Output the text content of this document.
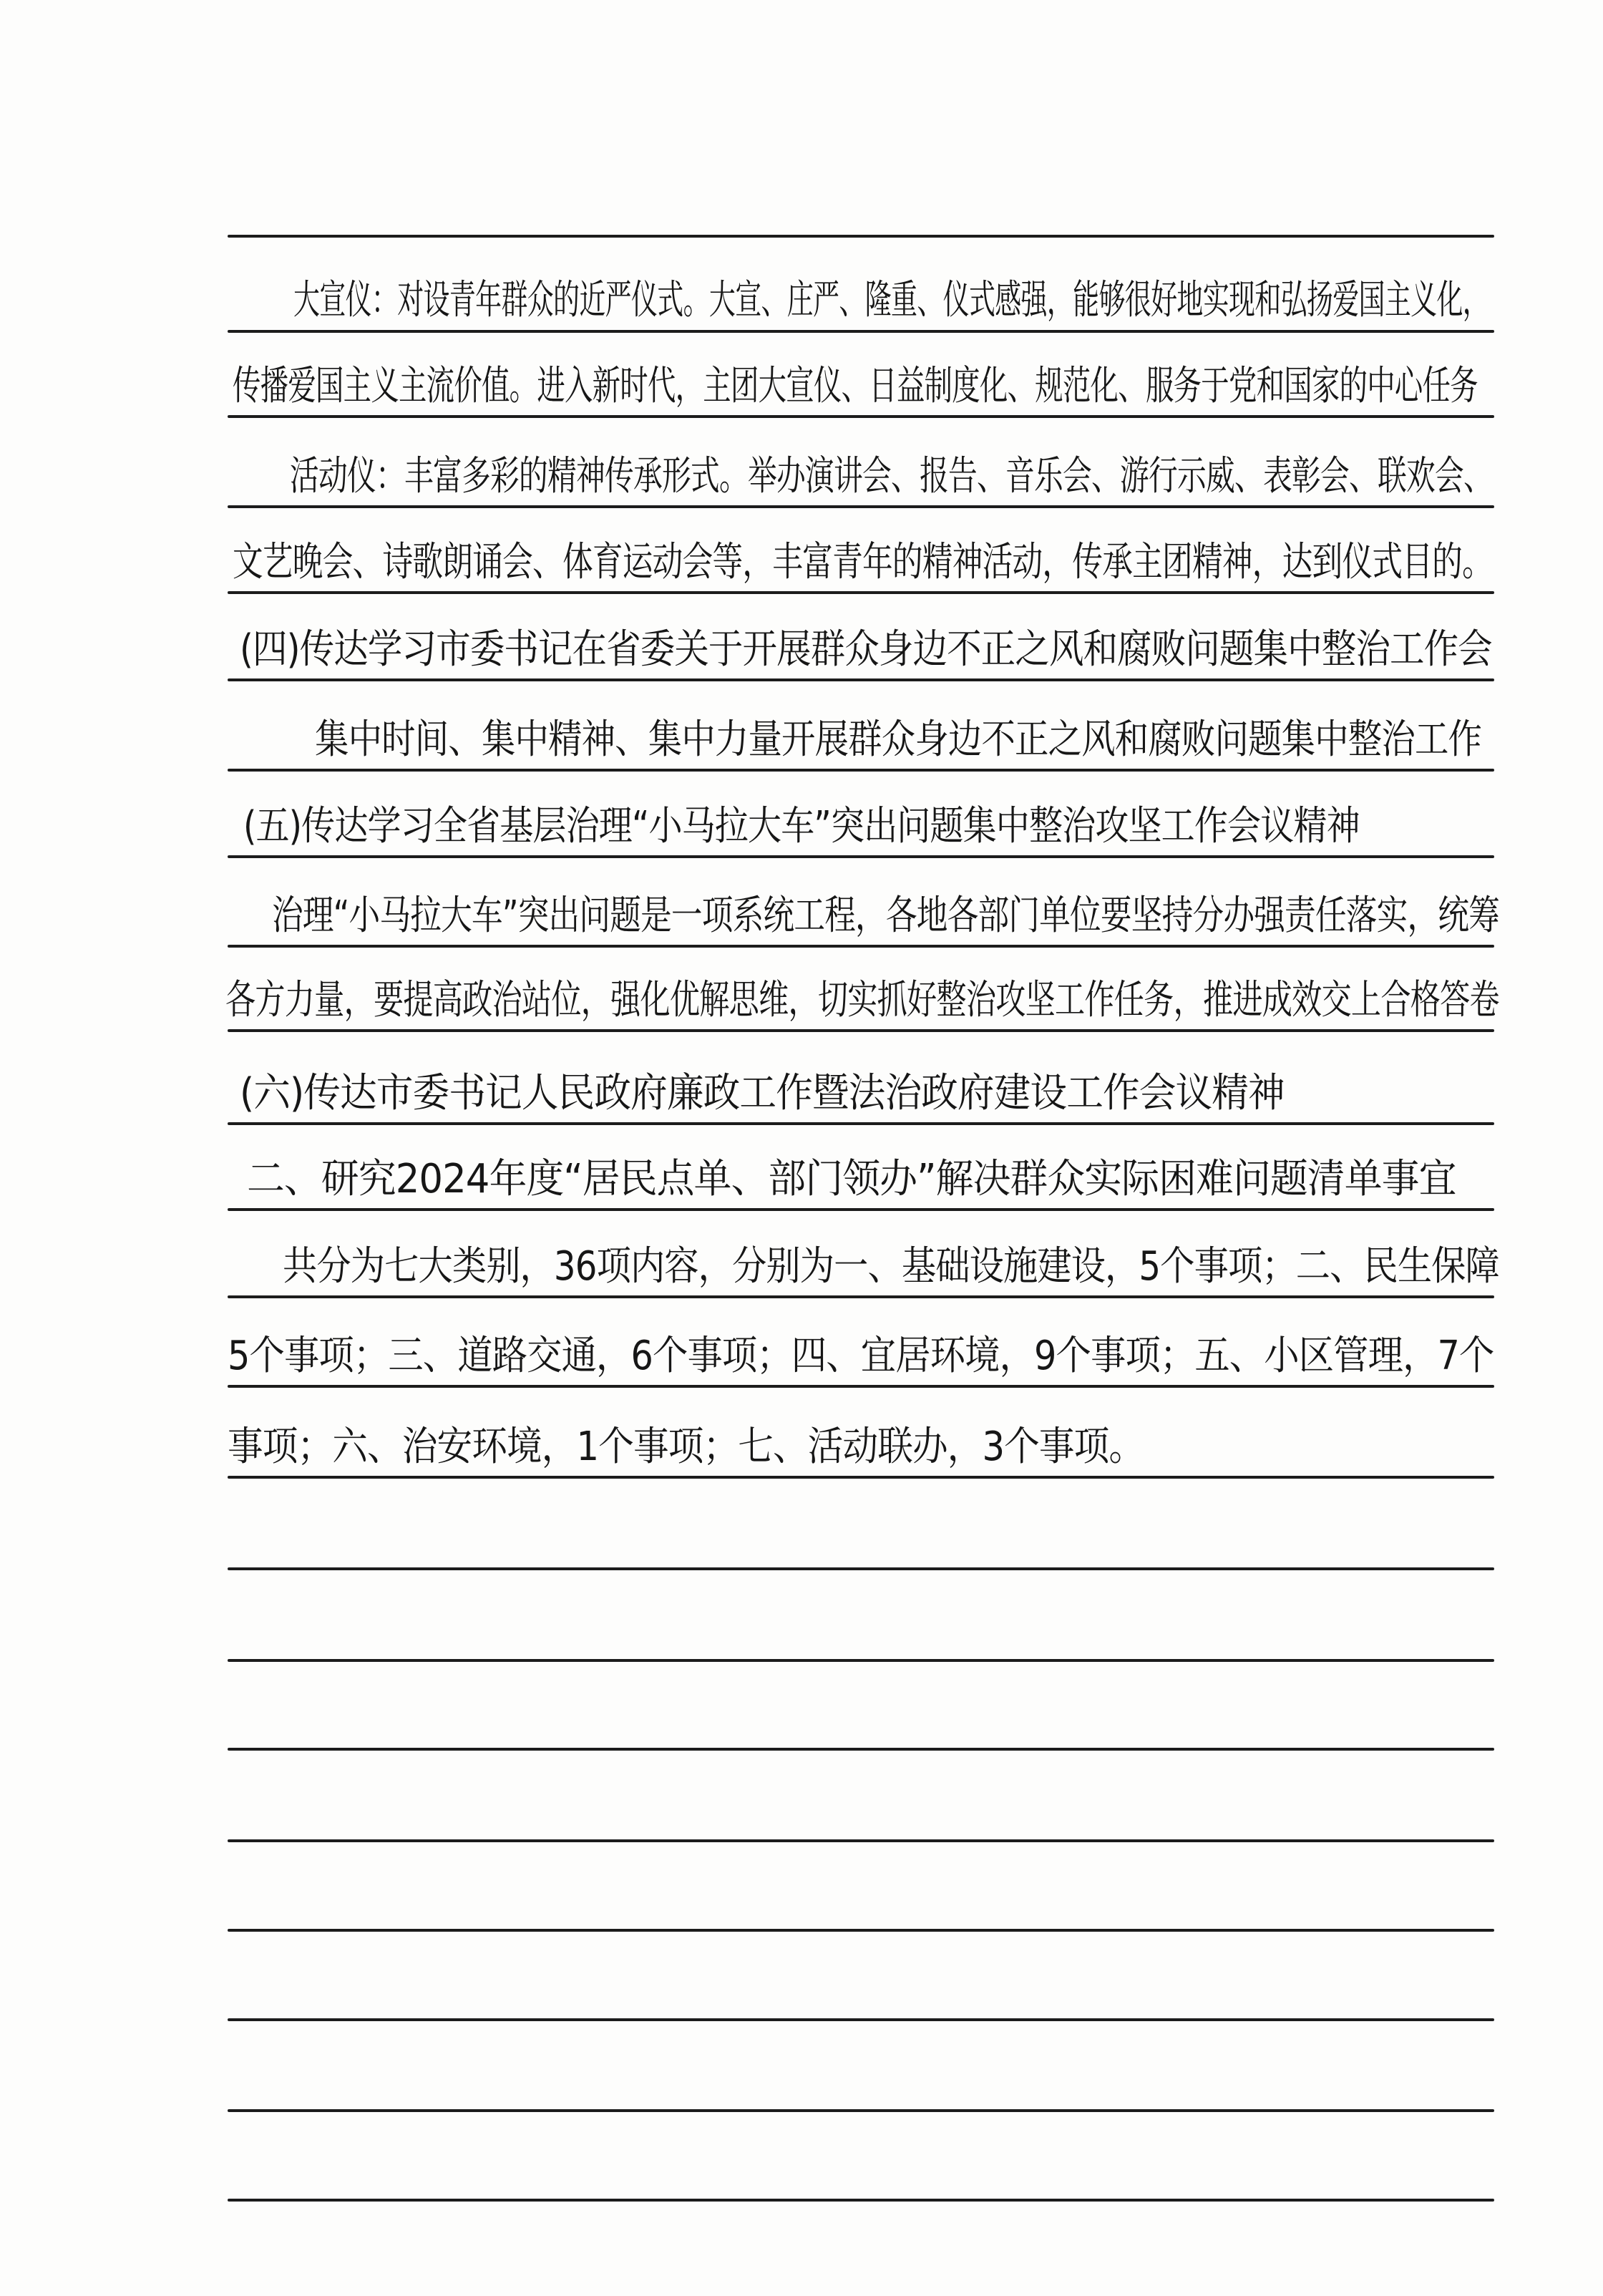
大宣仪：对设青年群众的近严仪式。大宣、庄严、隆重、仪式感强，能够很好地实现和弘扬爱国主义化，
传播爱国主义主流价值。进入新时代，主团大宣仪、日益制度化、规范化、服务于党和国家的中心任务
活动仪：丰富多彩的精神传承形式。举办演讲会、报告、音乐会、游行示威、表彰会、联欢会、
文艺晚会、诗歌朗诵会、体育运动会等，丰富青年的精神活动，传承主团精神，达到仪式目的。
(四)传达学习市委书记在省委关于开展群众身边不正之风和腐败问题集中整治工作会
集中时间、集中精神、集中力量开展群众身边不正之风和腐败问题集中整治工作
(五)传达学习全省基层治理“小马拉大车”突出问题集中整治攻坚工作会议精神
治理“小马拉大车”突出问题是一项系统工程，各地各部门单位要坚持分办强责任落实，统筹
各方力量，要提高政治站位，强化优解思维，切实抓好整治攻坚工作任务，推进成效交上合格答卷
(六)传达市委书记人民政府廉政工作暨法治政府建设工作会议精神
二、研究2024年度“居民点单、部门领办”解决群众实际困难问题清单事宜
共分为七大类别，36项内容，分别为一、基础设施建设，5个事项；二、民生保障
5个事项；三、道路交通，6个事项；四、宜居环境，9个事项；五、小区管理，7个
事项；六、治安环境，1个事项；七、活动联办，3个事项。
